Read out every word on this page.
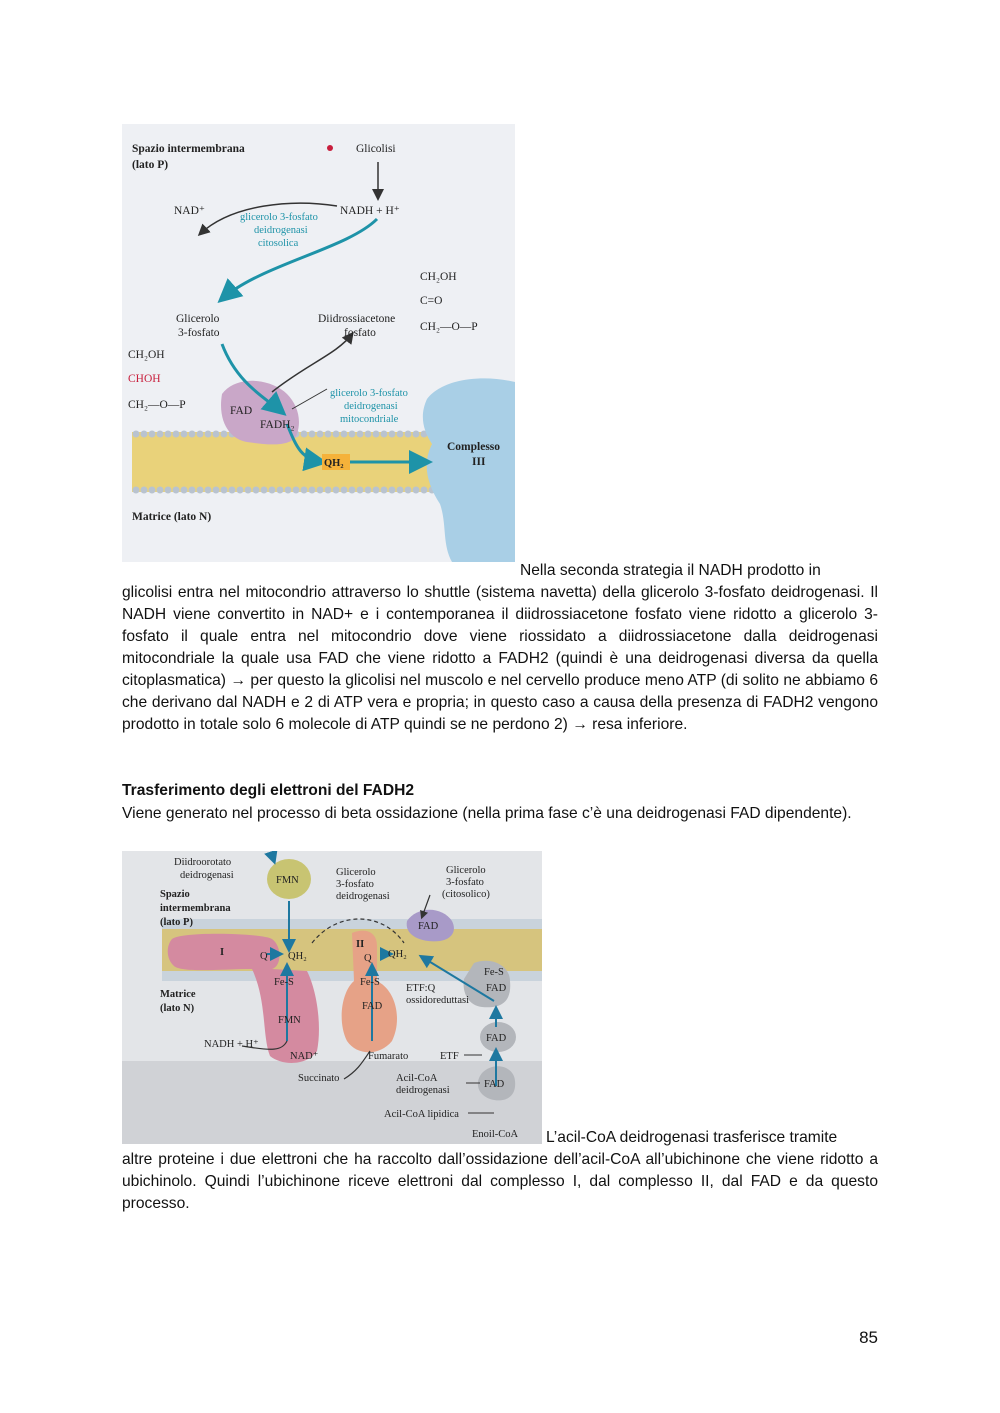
Spazio intermembrana
(lato P)
Glicolisi
NAD⁺	NADH + H⁺
glicerolo 3-fosfato
deidrogenasi
citosolica
glicerolo 3-fosfato
deidrogenasi
mitocondriale
Glicerolo
3-fosfato
Diidrossiacetone
fosfato
CH₂OH
C=O
CH₂—O—P
CH₂OH
CHOH
CH₂—O—P	FAD
FADH₂
QH₂
Complesso
III
Matrice (lato N)

Nella seconda strategia il NADH prodotto in
glicolisi entra nel mitocondrio attraverso lo shuttle (sistema navetta) della glicerolo 3-fosfato deidrogenasi. Il NADH viene convertito in NAD+ e i contemporanea il diidrossiacetone fosfato viene ridotto a glicerolo 3-fosfato il quale entra nel mitocondrio dove viene riossidato a diidrossiacetone dalla deidrogenasi mitocondriale la quale usa FAD che viene ridotto a FADH2 (quindi è una deidrogenasi diversa da quella citoplasmatica) → per questo la glicolisi nel muscolo e nel cervello produce meno ATP (di solito ne abbiamo 6 che derivano dal NADH e 2 di ATP vera e propria; in questo caso a causa della presenza di FADH2 vengono prodotto in totale solo 6 molecole di ATP quindi se ne perdono 2) → resa inferiore.

Trasferimento degli elettroni del FADH2

Viene generato nel processo di beta ossidazione (nella prima fase c’è una deidrogenasi FAD dipendente).

Diidroorotato
deidrogenasi	FMN
Glicerolo
3-fosfato
deidrogenasi
Glicerolo
3-fosfato
(citosolico)
Spazio
intermembrana
(lato P)	FAD
I
II
Q QH₂	Q QH₂
Fe-S	Fe-S
Fe-S
FAD
Matrice
(lato N)
FMN
FAD
ETF:Q
ossidoreduttasi
FAD
NADH + H⁺
NAD⁺	Fumarato	ETF
Succinato	Acil-CoA
deidrogenasi
FAD
Acil-CoA lipidica
Enoil-CoA	L’acil-CoA deidrogenasi trasferisce tramite
altre proteine i due elettroni che ha raccolto dall’ossidazione dell’acil-CoA all’ubichinone che viene ridotto a ubichinolo. Quindi l’ubichinone riceve elettroni dal complesso I, dal complesso II, dal FAD e da questo processo.

85
